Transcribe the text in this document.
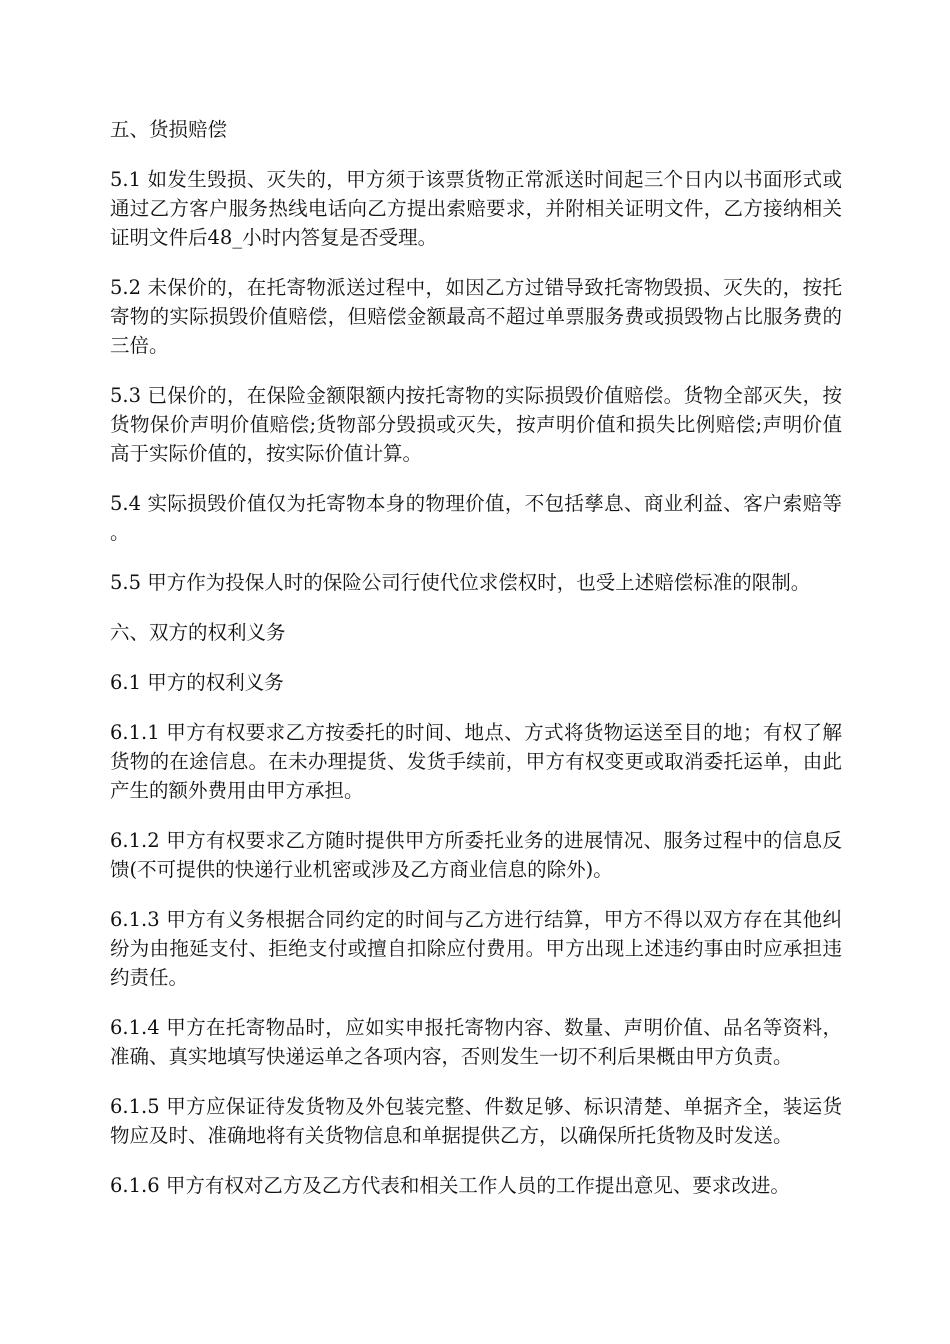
五、货损赔偿
5.1 如发生毁损、灭失的，甲方须于该票货物正常派送时间起三个日内以书面形式或通过乙方客户服务热线电话向乙方提出索赔要求，并附相关证明文件，乙方接纳相关证明文件后48_小时内答复是否受理。
5.2 未保价的，在托寄物派送过程中，如因乙方过错导致托寄物毁损、灭失的，按托寄物的实际损毁价值赔偿，但赔偿金额最高不超过单票服务费或损毁物占比服务费的三倍。
5.3 已保价的，在保险金额限额内按托寄物的实际损毁价值赔偿。货物全部灭失，按货物保价声明价值赔偿;货物部分毁损或灭失，按声明价值和损失比例赔偿;声明价值高于实际价值的，按实际价值计算。
5.4 实际损毁价值仅为托寄物本身的物理价值，不包括孳息、商业利益、客户索赔等。
5.5 甲方作为投保人时的保险公司行使代位求偿权时，也受上述赔偿标准的限制。
六、双方的权利义务
6.1 甲方的权利义务
6.1.1 甲方有权要求乙方按委托的时间、地点、方式将货物运送至目的地；有权了解货物的在途信息。在未办理提货、发货手续前，甲方有权变更或取消委托运单，由此产生的额外费用由甲方承担。
6.1.2 甲方有权要求乙方随时提供甲方所委托业务的进展情况、服务过程中的信息反馈(不可提供的快递行业机密或涉及乙方商业信息的除外)。
6.1.3 甲方有义务根据合同约定的时间与乙方进行结算，甲方不得以双方存在其他纠纷为由拖延支付、拒绝支付或擅自扣除应付费用。甲方出现上述违约事由时应承担违约责任。
6.1.4 甲方在托寄物品时，应如实申报托寄物内容、数量、声明价值、品名等资料，准确、真实地填写快递运单之各项内容，否则发生一切不利后果概由甲方负责。
6.1.5 甲方应保证待发货物及外包装完整、件数足够、标识清楚、单据齐全，装运货物应及时、准确地将有关货物信息和单据提供乙方，以确保所托货物及时发送。
6.1.6 甲方有权对乙方及乙方代表和相关工作人员的工作提出意见、要求改进。
